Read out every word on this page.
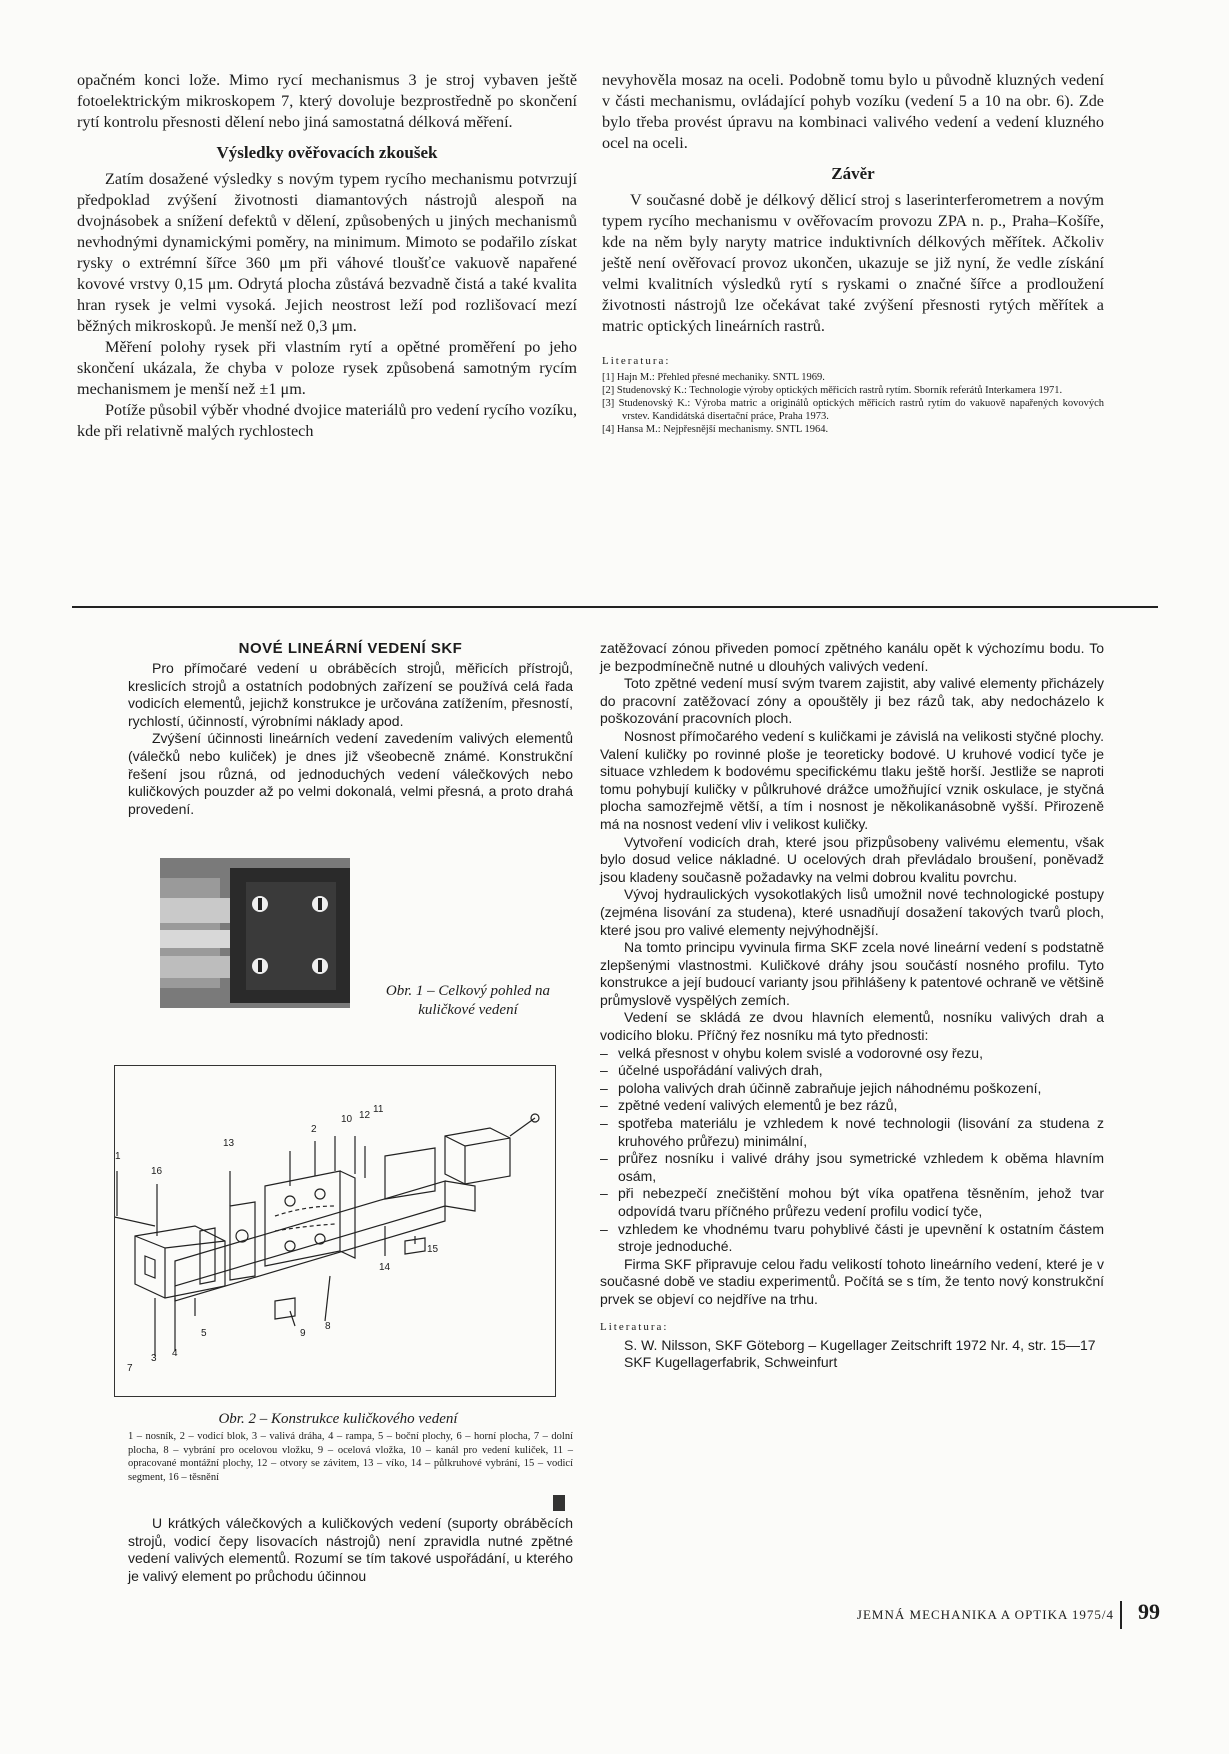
opačném konci lože. Mimo rycí mechanismus 3 je stroj vybaven ještě fotoelektrickým mikroskopem 7, který dovoluje bezprostředně po skončení rytí kontrolu přesnosti dělení nebo jiná samostatná délková měření.

Výsledky ověřovacích zkoušek

Zatím dosažené výsledky s novým typem rycího mechanismu potvrzují předpoklad zvýšení životnosti diamantových nástrojů alespoň na dvojnásobek a snížení defektů v dělení, způsobených u jiných mechanismů nevhodnými dynamickými poměry, na minimum. Mimoto se podařilo získat rysky o extrémní šířce 360 μm při váhové tloušťce vakuově napařené kovové vrstvy 0,15 μm. Odrytá plocha zůstává bezvadně čistá a také kvalita hran rysek je velmi vysoká. Jejich neostrost leží pod rozlišovací mezí běžných mikroskopů. Je menší než 0,3 μm.

Měření polohy rysek při vlastním rytí a opětné proměření po jeho skončení ukázala, že chyba v poloze rysek způsobená samotným rycím mechanismem je menší než ±1 μm.

Potíže působil výběr vhodné dvojice materiálů pro vedení rycího vozíku, kde při relativně malých rychlostech

nevyhověla mosaz na oceli. Podobně tomu bylo u původně kluzných vedení v části mechanismu, ovládající pohyb vozíku (vedení 5 a 10 na obr. 6). Zde bylo třeba provést úpravu na kombinaci valivého vedení a vedení kluzného ocel na oceli.

Závěr

V současné době je délkový dělicí stroj s laserinterferometrem a novým typem rycího mechanismu v ověřovacím provozu ZPA n. p., Praha–Košíře, kde na něm byly naryty matrice induktivních délkových měřítek. Ačkoliv ještě není ověřovací provoz ukončen, ukazuje se již nyní, že vedle získání velmi kvalitních výsledků rytí s ryskami o značné šířce a prodloužení životnosti nástrojů lze očekávat také zvýšení přesnosti rytých měřítek a matric optických lineárních rastrů.

Literatura:

[1] Hajn M.: Přehled přesné mechaniky. SNTL 1969.

[2] Studenovský K.: Technologie výroby optických měřicích rastrů rytím. Sborník referátů Interkamera 1971.

[3] Studenovský K.: Výroba matric a originálů optických měřicích rastrů rytím do vakuově napařených kovových vrstev. Kandidátská disertační práce, Praha 1973.

[4] Hansa M.: Nejpřesnější mechanismy. SNTL 1964.

NOVÉ LINEÁRNÍ VEDENÍ SKF

Pro přímočaré vedení u obráběcích strojů, měřicích přístrojů, kreslicích strojů a ostatních podobných zařízení se používá celá řada vodicích elementů, jejichž konstrukce je určována zatížením, přesností, rychlostí, účinností, výrobními náklady apod.

Zvýšení účinnosti lineárních vedení zavedením valivých elementů (válečků nebo kuliček) je dnes již všeobecně známé. Konstrukční řešení jsou různá, od jednoduchých vedení válečkových nebo kuličkových pouzder až po velmi dokonalá, velmi přesná, a proto drahá provedení.

Obr. 1 – Celkový pohled na kuličkové vedení
1
2
3 4
5
7
8
9
10
11
12
13
14
15
16
Obr. 2 – Konstrukce kuličkového vedení
1 – nosník, 2 – vodicí blok, 3 – valivá dráha, 4 – rampa, 5 – boční plochy, 6 – horní plocha, 7 – dolní plocha, 8 – vybrání pro ocelovou vložku, 9 – ocelová vložka, 10 – kanál pro vedení kuliček, 11 – opracované montážní plochy, 12 – otvory se závitem, 13 – víko, 14 – půlkruhové vybrání, 15 – vodicí segment, 16 – těsnění

U krátkých válečkových a kuličkových vedení (suporty obráběcích strojů, vodicí čepy lisovacích nástrojů) není zpravidla nutné zpětné vedení valivých elementů. Rozumí se tím takové uspořádání, u kterého je valivý element po průchodu účinnou

zatěžovací zónou přiveden pomocí zpětného kanálu opět k výchozímu bodu. To je bezpodmínečně nutné u dlouhých valivých vedení.

Toto zpětné vedení musí svým tvarem zajistit, aby valivé elementy přicházely do pracovní zatěžovací zóny a opouštěly ji bez rázů tak, aby nedocházelo k poškozování pracovních ploch.

Nosnost přímočarého vedení s kuličkami je závislá na velikosti styčné plochy. Valení kuličky po rovinné ploše je teoreticky bodové. U kruhové vodicí tyče je situace vzhledem k bodovému specifickému tlaku ještě horší. Jestliže se naproti tomu pohybují kuličky v půlkruhové drážce umožňující vznik oskulace, je styčná plocha samozřejmě větší, a tím i nosnost je několikanásobně vyšší. Přirozeně má na nosnost vedení vliv i velikost kuličky.

Vytvoření vodicích drah, které jsou přizpůsobeny valivému elementu, však bylo dosud velice nákladné. U ocelových drah převládalo broušení, poněvadž jsou kladeny současně požadavky na velmi dobrou kvalitu povrchu.

Vývoj hydraulických vysokotlakých lisů umožnil nové technologické postupy (zejména lisování za studena), které usnadňují dosažení takových tvarů ploch, které jsou pro valivé elementy nejvýhodnější.

Na tomto principu vyvinula firma SKF zcela nové lineární vedení s podstatně zlepšenými vlastnostmi. Kuličkové dráhy jsou součástí nosného profilu. Tyto konstrukce a její budoucí varianty jsou přihlášeny k patentové ochraně ve většině průmyslově vyspělých zemích.

Vedení se skládá ze dvou hlavních elementů, nosníku valivých drah a vodicího bloku. Příčný řez nosníku má tyto přednosti:

– velká přesnost v ohybu kolem svislé a vodorovné osy řezu,
– účelné uspořádání valivých drah,
– poloha valivých drah účinně zabraňuje jejich náhodnému poškození,
– zpětné vedení valivých elementů je bez rázů,
– spotřeba materiálu je vzhledem k nové technologii (lisování za studena z kruhového průřezu) minimální,
– průřez nosníku i valivé dráhy jsou symetrické vzhledem k oběma hlavním osám,
– při nebezpečí znečištění mohou být víka opatřena těsněním, jehož tvar odpovídá tvaru příčného průřezu vedení profilu vodicí tyče,
– vzhledem ke vhodnému tvaru pohyblivé části je upevnění k ostatním částem stroje jednoduché.

Firma SKF připravuje celou řadu velikostí tohoto lineárního vedení, které je v současné době ve stadiu experimentů. Počítá se s tím, že tento nový konstrukční prvek se objeví co nejdříve na trhu.

Literatura:

S. W. Nilsson, SKF Göteborg – Kugellager Zeitschrift 1972 Nr. 4, str. 15—17

SKF Kugellagerfabrik, Schweinfurt

JEMNÁ MECHANIKA A OPTIKA 1975/4 99
